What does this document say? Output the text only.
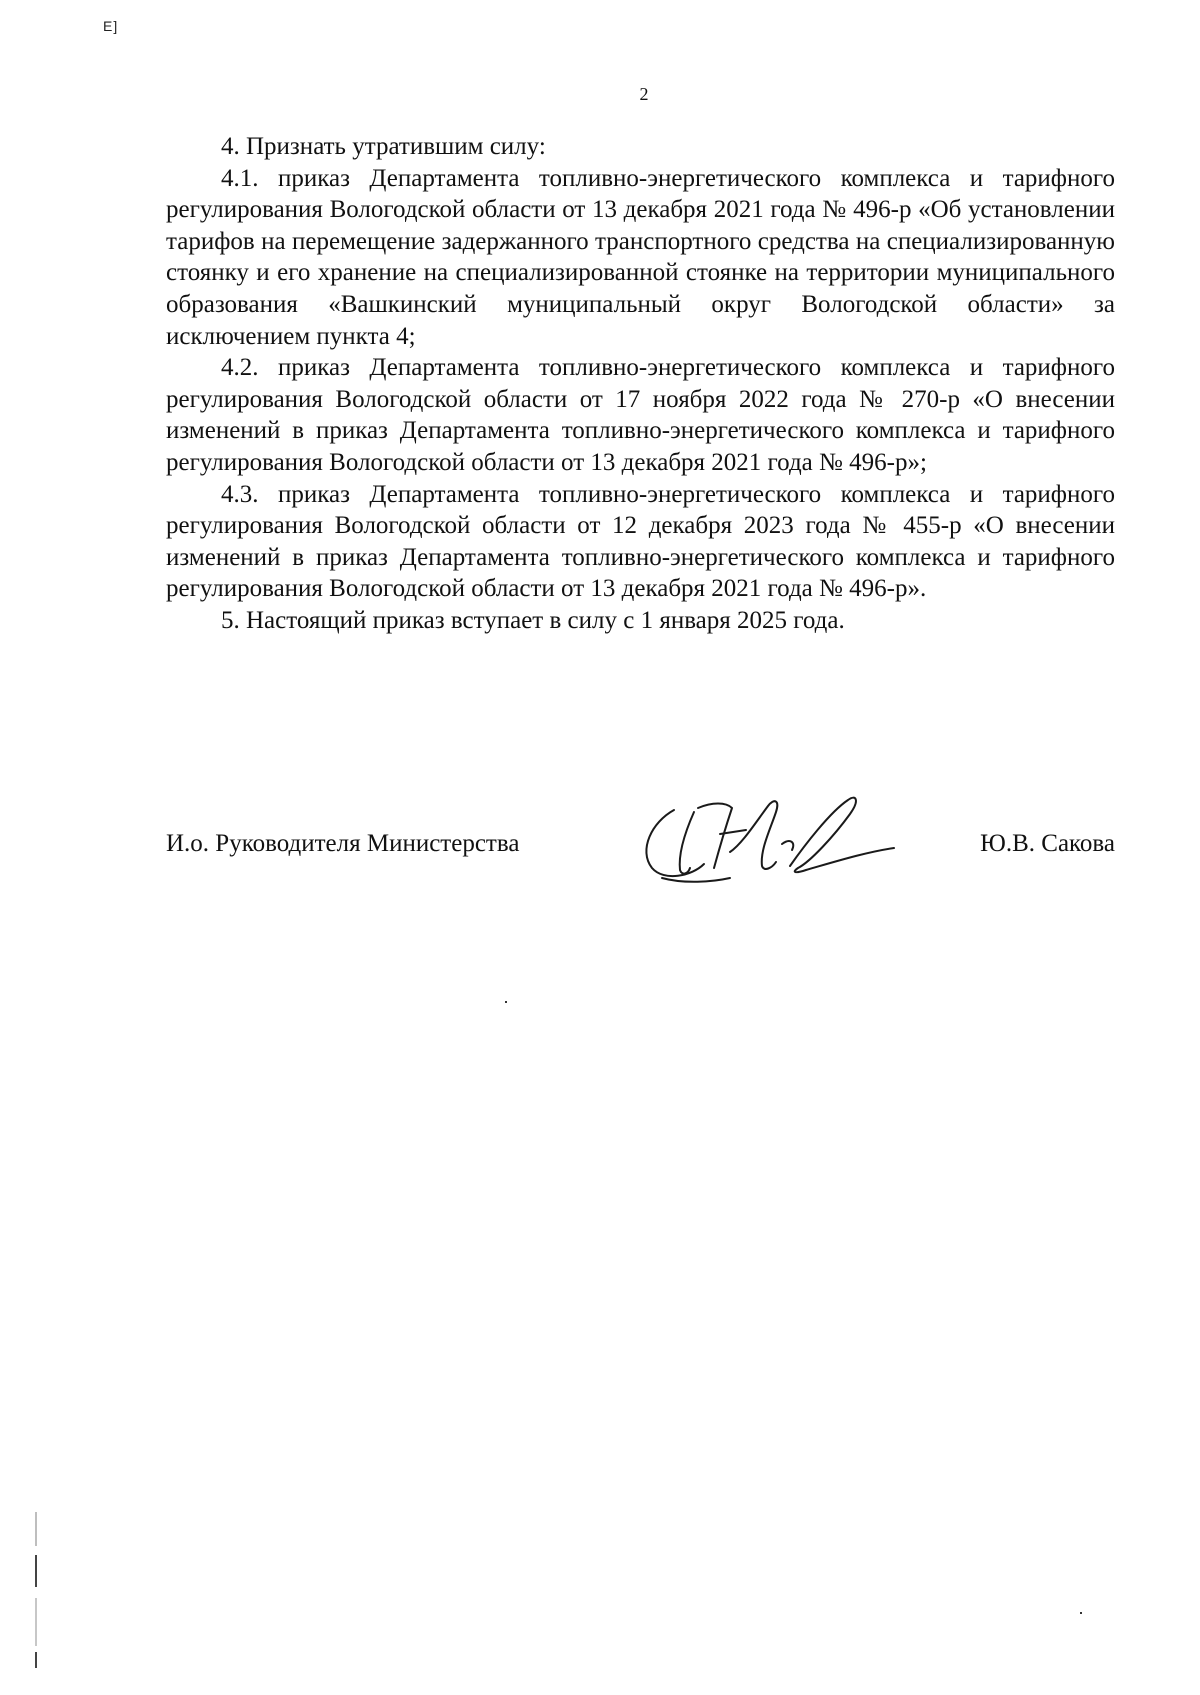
E]
2

4. Признать утратившим силу:

4.1. приказ Департамента топливно-энергетического комплекса и тарифного регулирования Вологодской области от 13 декабря 2021 года № 496-р «Об установлении тарифов на перемещение задержанного транспортного средства на специализированную стоянку и его хранение на специализированной стоянке на территории муниципального образования «Вашкинский муниципальный округ Вологодской области» за исключением пункта 4;

4.2. приказ Департамента топливно-энергетического комплекса и тарифного регулирования Вологодской области от 17 ноября 2022 года № 270-р «О внесении изменений в приказ Департамента топливно-энергетического комплекса и тарифного регулирования Вологодской области от 13 декабря 2021 года № 496-р»;

4.3. приказ Департамента топливно-энергетического комплекса и тарифного регулирования Вологодской области от 12 декабря 2023 года № 455-р «О внесении изменений в приказ Департамента топливно-энергетического комплекса и тарифного регулирования Вологодской области от 13 декабря 2021 года № 496-р».

5. Настоящий приказ вступает в силу с 1 января 2025 года.

И.о. Руководителя Министерства	Ю.В. Сакова
